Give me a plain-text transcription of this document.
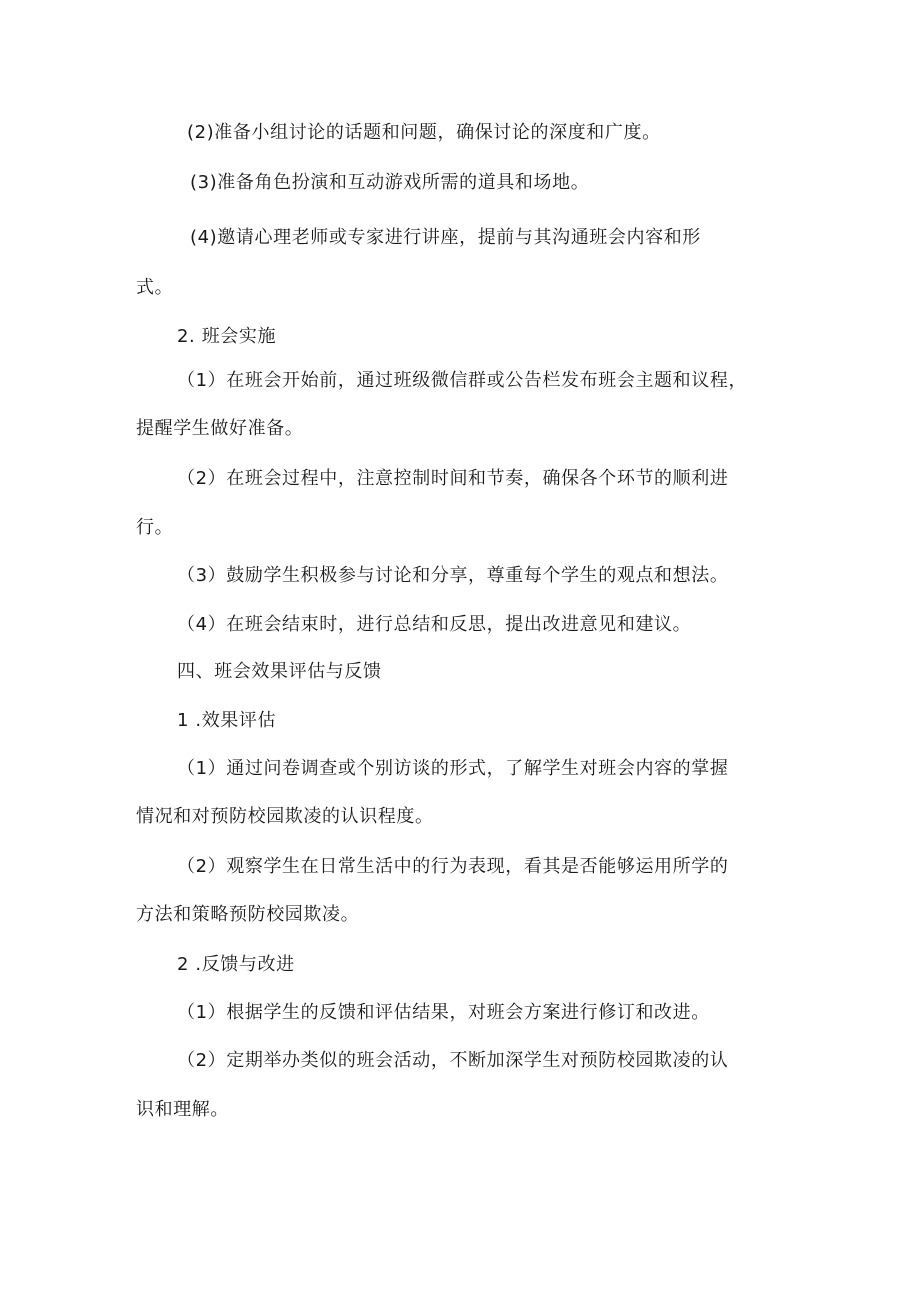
(2)准备小组讨论的话题和问题，确保讨论的深度和广度。
(3)准备角色扮演和互动游戏所需的道具和场地。
(4)邀请心理老师或专家进行讲座，提前与其沟通班会内容和形
式。
2. 班会实施
（1）在班会开始前，通过班级微信群或公告栏发布班会主题和议程，
提醒学生做好准备。
（2）在班会过程中，注意控制时间和节奏，确保各个环节的顺利进
行。
（3）鼓励学生积极参与讨论和分享，尊重每个学生的观点和想法。
（4）在班会结束时，进行总结和反思，提出改进意见和建议。
四、班会效果评估与反馈
1 .效果评估
（1）通过问卷调查或个别访谈的形式，了解学生对班会内容的掌握
情况和对预防校园欺凌的认识程度。
（2）观察学生在日常生活中的行为表现，看其是否能够运用所学的
方法和策略预防校园欺凌。
2 .反馈与改进
（1）根据学生的反馈和评估结果，对班会方案进行修订和改进。
（2）定期举办类似的班会活动，不断加深学生对预防校园欺凌的认
识和理解。
